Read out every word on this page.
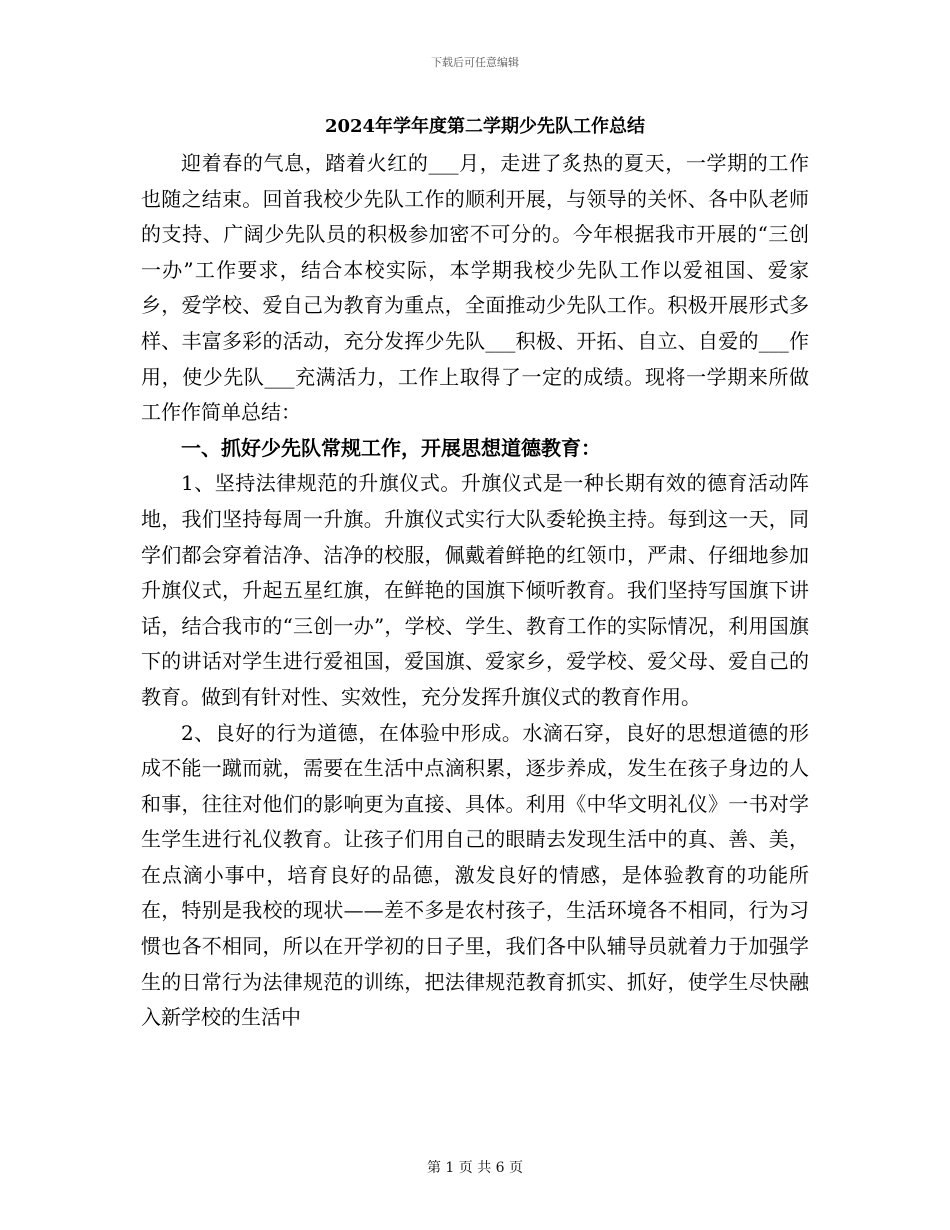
下载后可任意编辑
2024年学年度第二学期少先队工作总结

迎着春的气息，踏着火红的___月，走进了炙热的夏天，一学期的工作也随之结束。回首我校少先队工作的顺利开展，与领导的关怀、各中队老师的支持、广阔少先队员的积极参加密不可分的。今年根据我市开展的“三创一办”工作要求，结合本校实际，本学期我校少先队工作以爱祖国、爱家乡，爱学校、爱自己为教育为重点，全面推动少先队工作。积极开展形式多样、丰富多彩的活动，充分发挥少先队___积极、开拓、自立、自爱的___作用，使少先队___充满活力，工作上取得了一定的成绩。现将一学期来所做工作作简单总结：

一、抓好少先队常规工作，开展思想道德教育：

1、坚持法律规范的升旗仪式。升旗仪式是一种长期有效的德育活动阵地，我们坚持每周一升旗。升旗仪式实行大队委轮换主持。每到这一天，同学们都会穿着洁净、洁净的校服，佩戴着鲜艳的红领巾，严肃、仔细地参加升旗仪式，升起五星红旗，在鲜艳的国旗下倾听教育。我们坚持写国旗下讲话，结合我市的“三创一办”，学校、学生、教育工作的实际情况，利用国旗下的讲话对学生进行爱祖国，爱国旗、爱家乡，爱学校、爱父母、爱自己的教育。做到有针对性、实效性，充分发挥升旗仪式的教育作用。

2、良好的行为道德，在体验中形成。水滴石穿，良好的思想道德的形成不能一蹴而就，需要在生活中点滴积累，逐步养成，发生在孩子身边的人和事，往往对他们的影响更为直接、具体。利用《中华文明礼仪》一书对学生学生进行礼仪教育。让孩子们用自己的眼睛去发现生活中的真、善、美，在点滴小事中，培育良好的品德，激发良好的情感，是体验教育的功能所在，特别是我校的现状——差不多是农村孩子，生活环境各不相同，行为习惯也各不相同，所以在开学初的日子里，我们各中队辅导员就着力于加强学生的日常行为法律规范的训练，把法律规范教育抓实、抓好，使学生尽快融入新学校的生活中

第 1 页 共 6 页
